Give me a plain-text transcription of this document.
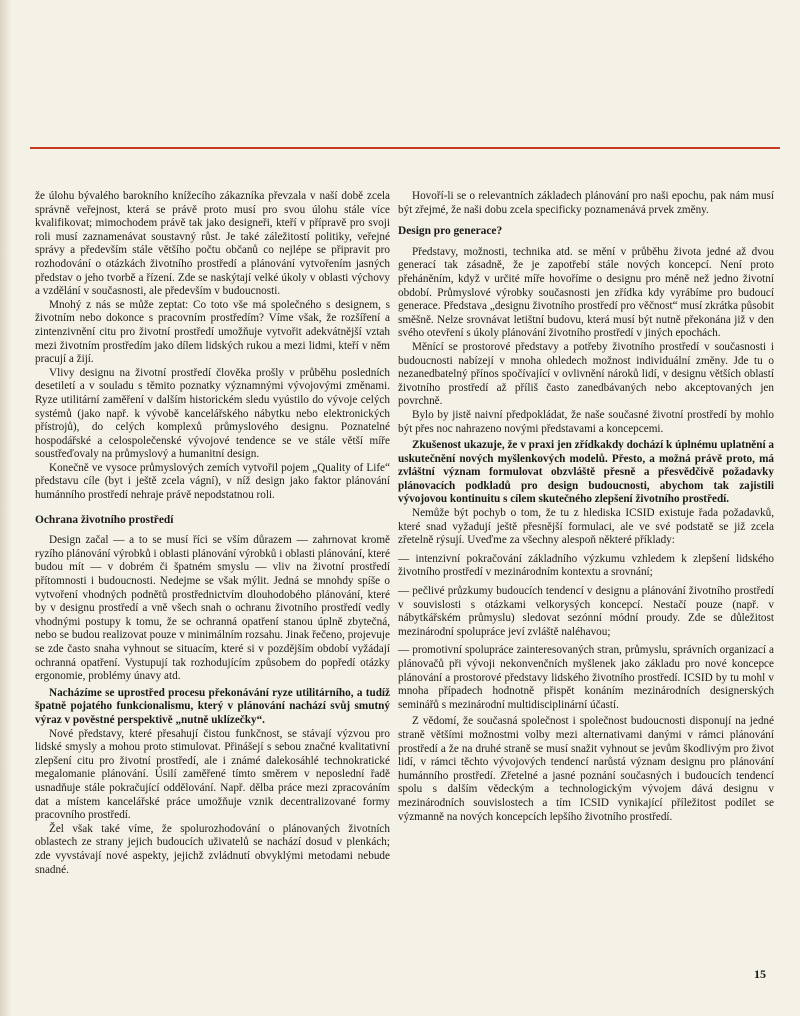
že úlohu bývalého barokního knížecího zákazníka převzala v naší době zcela správně veřejnost, která se právě proto musí pro svou úlohu stále více kvalifikovat; mimochodem právě tak jako designeři, kteří v přípravě pro svoji roli musí zaznamenávat soustavný růst. Je také záležitostí politiky, veřejné správy a především stále většího počtu občanů co nejlépe se připravit pro rozhodování o otázkách životního prostředí a plánování vytvořením jasných představ o jeho tvorbě a řízení. Zde se naskýtají velké úkoly v oblasti výchovy a vzdělání v současnosti, ale především v budoucnosti.

Mnohý z nás se může zeptat: Co toto vše má společného s designem, s životním nebo dokonce s pracovním prostředím? Víme však, že rozšíření a zintenzivnění citu pro životní prostředí umožňuje vytvořit adekvátnější vztah mezi životním prostředím jako dílem lidských rukou a mezi lidmi, kteří v něm pracují a žijí.

Vlivy designu na životní prostředí člověka prošly v průběhu posledních desetiletí a v souladu s těmito poznatky významnými vývojovými změnami. Ryze utilitární zaměření v dalším historickém sledu vyústilo do vývoje celých systémů (jako např. k vývobě kancelářského nábytku nebo elektronických přístrojů), do celých komplexů průmyslového designu. Poznatelné hospodářské a celospolečenské vývojové tendence se ve stále větší míře soustřeďovaly na průmyslový a humanitní design.

Konečně ve vysoce průmyslových zemích vytvořil pojem „Quality of Life“ představu cíle (byt i ještě zcela vágní), v níž design jako faktor plánování humánního prostředí nehraje právě nepodstatnou roli.

Ochrana životního prostředí

Design začal — a to se musí říci se vším důrazem — zahrnovat kromě ryzího plánování výrobků i oblasti plánování výrobků i oblasti plánování, které budou mít — v dobrém či špatném smyslu — vliv na životní prostředí přítomnosti i budoucnosti. Nedejme se však mýlit. Jedná se mnohdy spíše o vytvoření vhodných podnětů prostřednictvím dlouhodobého plánování, které by v designu prostředí a vně všech snah o ochranu životního prostředí vedly vhodnými postupy k tomu, že se ochranná opatření stanou úplně zbytečná, nebo se budou realizovat pouze v minimálním rozsahu. Jinak řečeno, projevuje se zde často snaha vyhnout se situacím, které si v pozdějším období vyžádají ochranná opatření. Vystupují tak rozhodujícím způsobem do popředí otázky ergonomie, problémy únavy atd.

Nacházíme se uprostřed procesu překonávání ryze utilitárního, a tudíž špatně pojatého funkcionalismu, který v plánování nachází svůj smutný výraz v pověstné perspektivě „nutně uklízečky“.

Nové představy, které přesahují čistou funkčnost, se stávají výzvou pro lidské smysly a mohou proto stimulovat. Přinášejí s sebou značné kvalitativní zlepšení citu pro životní prostředí, ale i známé dalekosáhlé technokratické megalomanie plánování. Úsilí zaměřené tímto směrem v neposlední řadě usnadňuje stále pokračující oddělování. Např. dělba práce mezi zpracováním dat a místem kancelářské práce umožňuje vznik decentralizované formy pracovního prostředí.

Žel však také víme, že spolurozhodování o plánovaných životních oblastech ze strany jejich budoucích uživatelů se nachází dosud v plenkách; zde vyvstávají nové aspekty, jejichž zvládnutí obvyklými metodami nebude snadné.

Hovoří-li se o relevantních základech plánování pro naši epochu, pak nám musí být zřejmé, že naši dobu zcela specificky poznamenává prvek změny.

Design pro generace?

Představy, možnosti, technika atd. se mění v průběhu života jedné až dvou generací tak zásadně, že je zapotřebí stále nových koncepcí. Není proto přeháněním, když v určité míře hovoříme o designu pro méně než jedno životní období. Průmyslové výrobky současnosti jen zřídka kdy vyrábíme pro budoucí generace. Představa „designu životního prostředí pro věčnost“ musí zkrátka působit směšně. Nelze srovnávat letištní budovu, která musí být nutně překonána již v den svého otevření s úkoly plánování životního prostředí v jiných epochách.

Měnící se prostorové představy a potřeby životního prostředí v současnosti i budoucnosti nabízejí v mnoha ohledech možnost individuální změny. Jde tu o nezanedbatelný přínos spočívající v ovlivnění nároků lidí, v designu větších oblastí životního prostředí až příliš často zanedbávaných nebo akceptovaných jen povrchně.

Bylo by jistě naivní předpokládat, že naše současné životní prostředí by mohlo být přes noc nahrazeno novými představami a koncepcemi.

Zkušenost ukazuje, že v praxi jen zřídkakdy dochází k úplnému uplatnění a uskutečnění nových myšlenkových modelů. Přesto, a možná právě proto, má zvláštní význam formulovat obzvláště přesně a přesvědčivě požadavky plánovacích podkladů pro design budoucnosti, abychom tak zajistili vývojovou kontinuitu s cílem skutečného zlepšení životního prostředí.

Nemůže být pochyb o tom, že tu z hlediska ICSID existuje řada požadavků, které snad vyžadují ještě přesnější formulaci, ale ve své podstatě se již zcela zřetelně rýsují. Uveďme za všechny alespoň některé příklady:

— intenzivní pokračování základního výzkumu vzhledem k zlepšení lidského životního prostředí v mezinárodním kontextu a srovnání;

— pečlivé průzkumy budoucích tendencí v designu a plánování životního prostředí v souvislosti s otázkami velkorysých koncepcí. Nestačí pouze (např. v nábytkářském průmyslu) sledovat sezónní módní proudy. Zde se důležitost mezinárodní spolupráce jeví zvláště naléhavou;

— promotivní spolupráce zainteresovaných stran, průmyslu, správních organizací a plánovačů při vývoji nekonvenčních myšlenek jako základu pro nové koncepce plánování a prostorové představy lidského životního prostředí. ICSID by tu mohl v mnoha případech hodnotně přispět konáním mezinárodních designerských seminářů s mezinárodní multidisciplinární účastí.

Z vědomí, že současná společnost i společnost budoucnosti disponují na jedné straně většími možnostmi volby mezi alternativami danými v rámci plánování prostředí a že na druhé straně se musí snažit vyhnout se jevům škodlivým pro život lidí, v rámci těchto vývojových tendencí narůstá význam designu pro plánování humánního prostředí. Zřetelné a jasné poznání současných i budoucích tendencí spolu s dalším vědeckým a technologickým vývojem dává designu v mezinárodních souvislostech a tím ICSID vynikající příležitost podílet se výzmanně na nových koncepcích lepšího životního prostředí.

15
